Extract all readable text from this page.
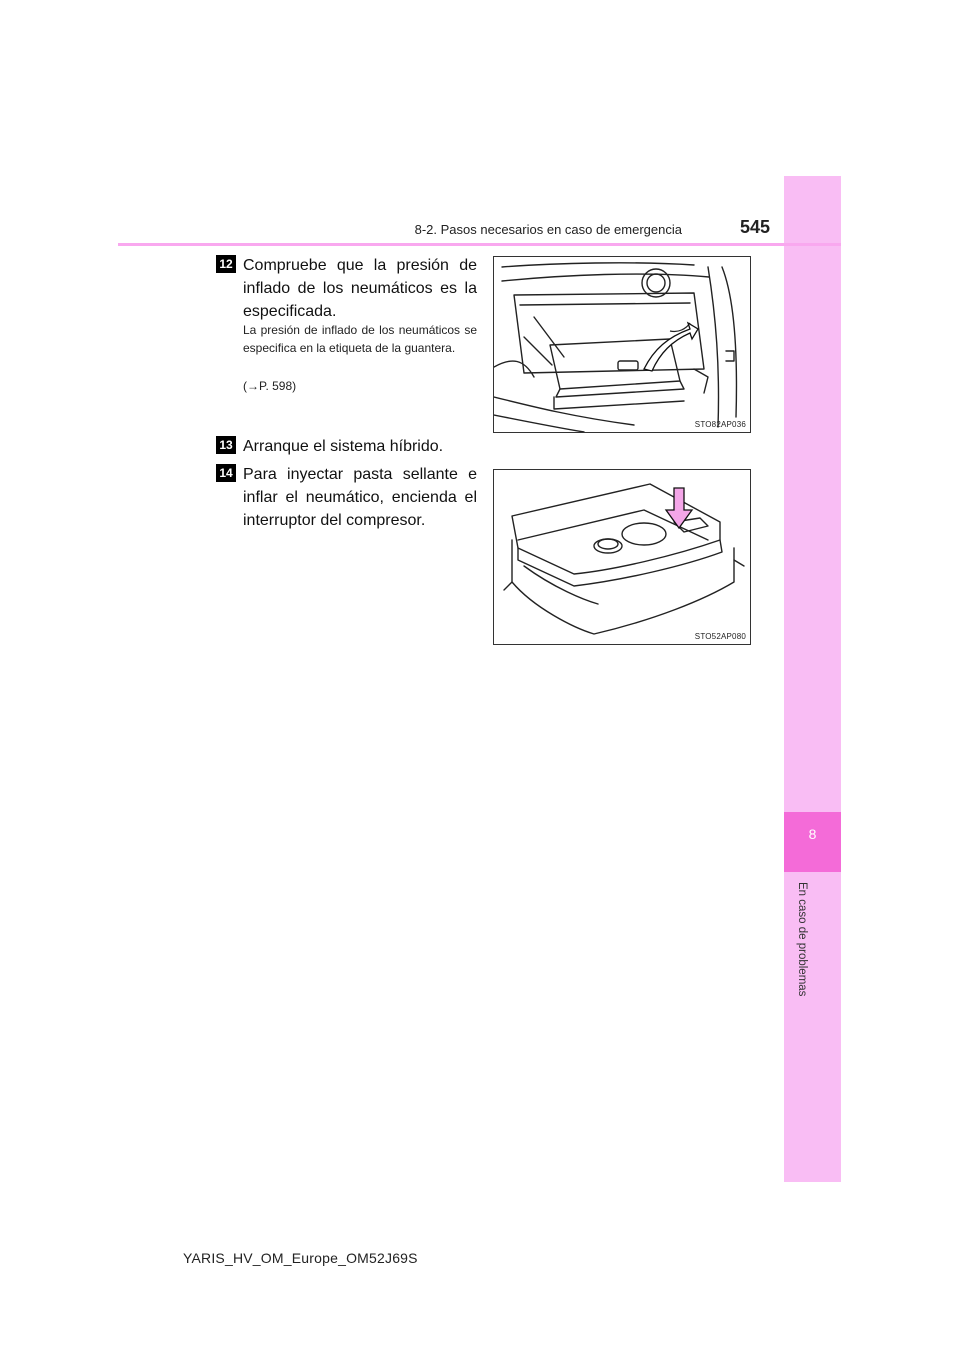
8
En caso de problemas
8-2. Pasos necesarios en caso de emergencia	545
12 Compruebe que la presión de inflado de los neumáticos es la especificada.
La presión de inflado de los neumáticos se especifica en la etiqueta de la guantera.
(→P. 598)
STO82AP036
13 Arranque el sistema híbrido.
14 Para inyectar pasta sellante e inflar el neumático, encienda el interruptor del compresor.
STO52AP080
YARIS_HV_OM_Europe_OM52J69S
